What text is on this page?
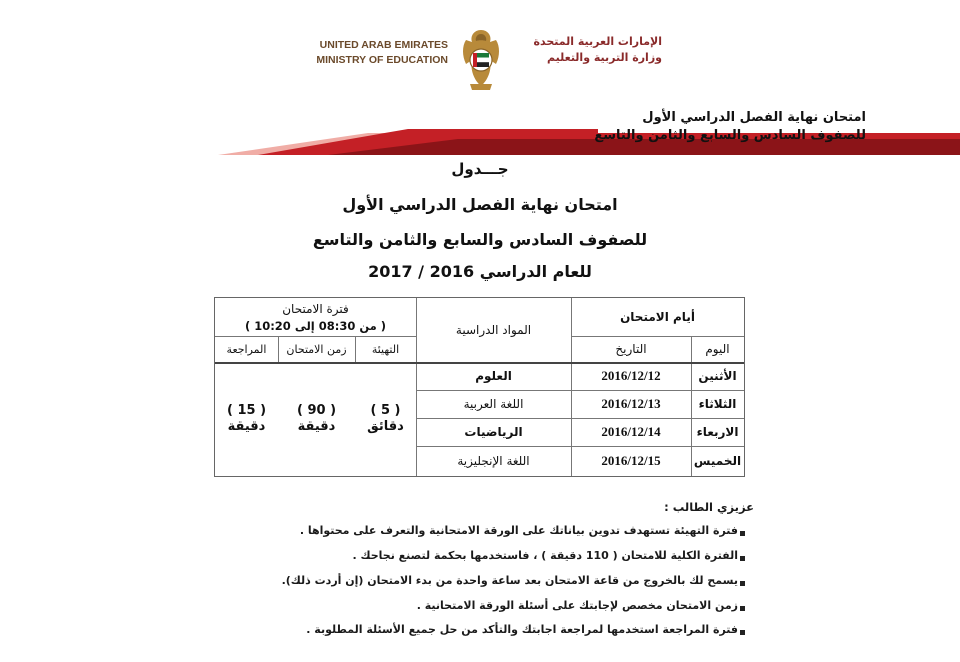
UNITED ARAB EMIRATES
MINISTRY OF EDUCATION
الإمارات العربية المتحدة
وزارة التربية والتعليم
امتحان نهاية الفصل الدراسي الأول
للصفوف السادس والسابع والثامن والتاسع
جـــدول
امتحان نهاية الفصل الدراسي الأول
للصفوف السادس والسابع والثامن والتاسع
للعام الدراسي 2016 / 2017
أيام الامتحان
اليوم
التاريخ
المواد الدراسية
فترة الامتحان
( من 08:30 إلى 10:20 )
التهيئة
زمن الامتحان
المراجعة
الأثنين
2016/12/12
العلوم
الثلاثاء
2016/12/13
اللغة العربية
الاربعاء
2016/12/14
الرياضيات
الخميس
2016/12/15
اللغة الإنجليزية
( 5 )
دقائق
( 90 )
دقيقة
( 15 )
دقيقة
عزيزي الطالب :
فترة التهيئة تستهدف تدوين بياناتك على الورقة الامتحانية والتعرف على محتواها .
الفترة الكلية للامتحان ( 110 دقيقة ) ، فاستخدمها بحكمة لتصنع نجاحك .
يسمح لك بالخروج من قاعة الامتحان بعد ساعة واحدة من بدء الامتحان (إن أردت ذلك).
زمن الامتحان مخصص لإجابتك على أسئلة الورقة الامتحانية .
فترة المراجعة استخدمها لمراجعة اجابتك والتأكد من حل جميع الأسئلة المطلوبة .
